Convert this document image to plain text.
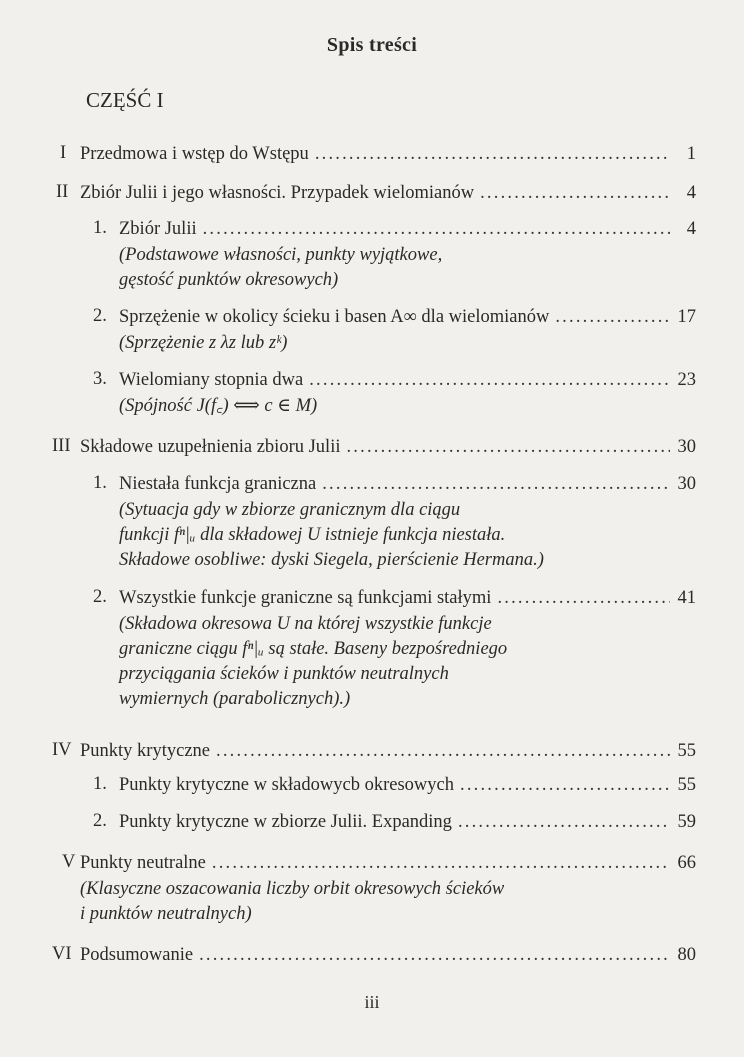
Spis treści
CZĘŚĆ I
I Przedmowa i wstęp do Wstępu .....	1
II Zbiór Julii i jego własności. Przypadek wielomianów .....	4
1. Zbiór Julii .....	4
(Podstawowe własności, punkty wyjątkowe,
gęstość punktów okresowych)
2. Sprzężenie w okolicy ścieku i basen A∞ dla wielomianów .....	17
(Sprzężenie z λz lub zᵏ)
3. Wielomiany stopnia dwa .....	23
(Spójność J(f꜀) ⟺ c ∈ M)
III Składowe uzupełnienia zbioru Julii .....	30
1. Niestała funkcja graniczna .....	30
(Sytuacja gdy w zbiorze granicznym dla ciągu
funkcji fⁿ|ᵤ dla składowej U istnieje funkcja niestała.
Składowe osobliwe: dyski Siegela, pierścienie Hermana.)
2. Wszystkie funkcje graniczne są funkcjami stałymi .....	41
(Składowa okresowa U na której wszystkie funkcje
graniczne ciągu fⁿ|ᵤ są stałe. Baseny bezpośredniego
przyciągania ścieków i punktów neutralnych
wymiernych (parabolicznych).)
IV Punkty krytyczne .....	55
1. Punkty krytyczne w składowycb okresowych .....	55
2. Punkty krytyczne w zbiorze Julii. Expanding .....	59
V Punkty neutralne .....	66
(Klasyczne oszacowania liczby orbit okresowych ścieków
i punktów neutralnych)
VI Podsumowanie .....	80
iii
